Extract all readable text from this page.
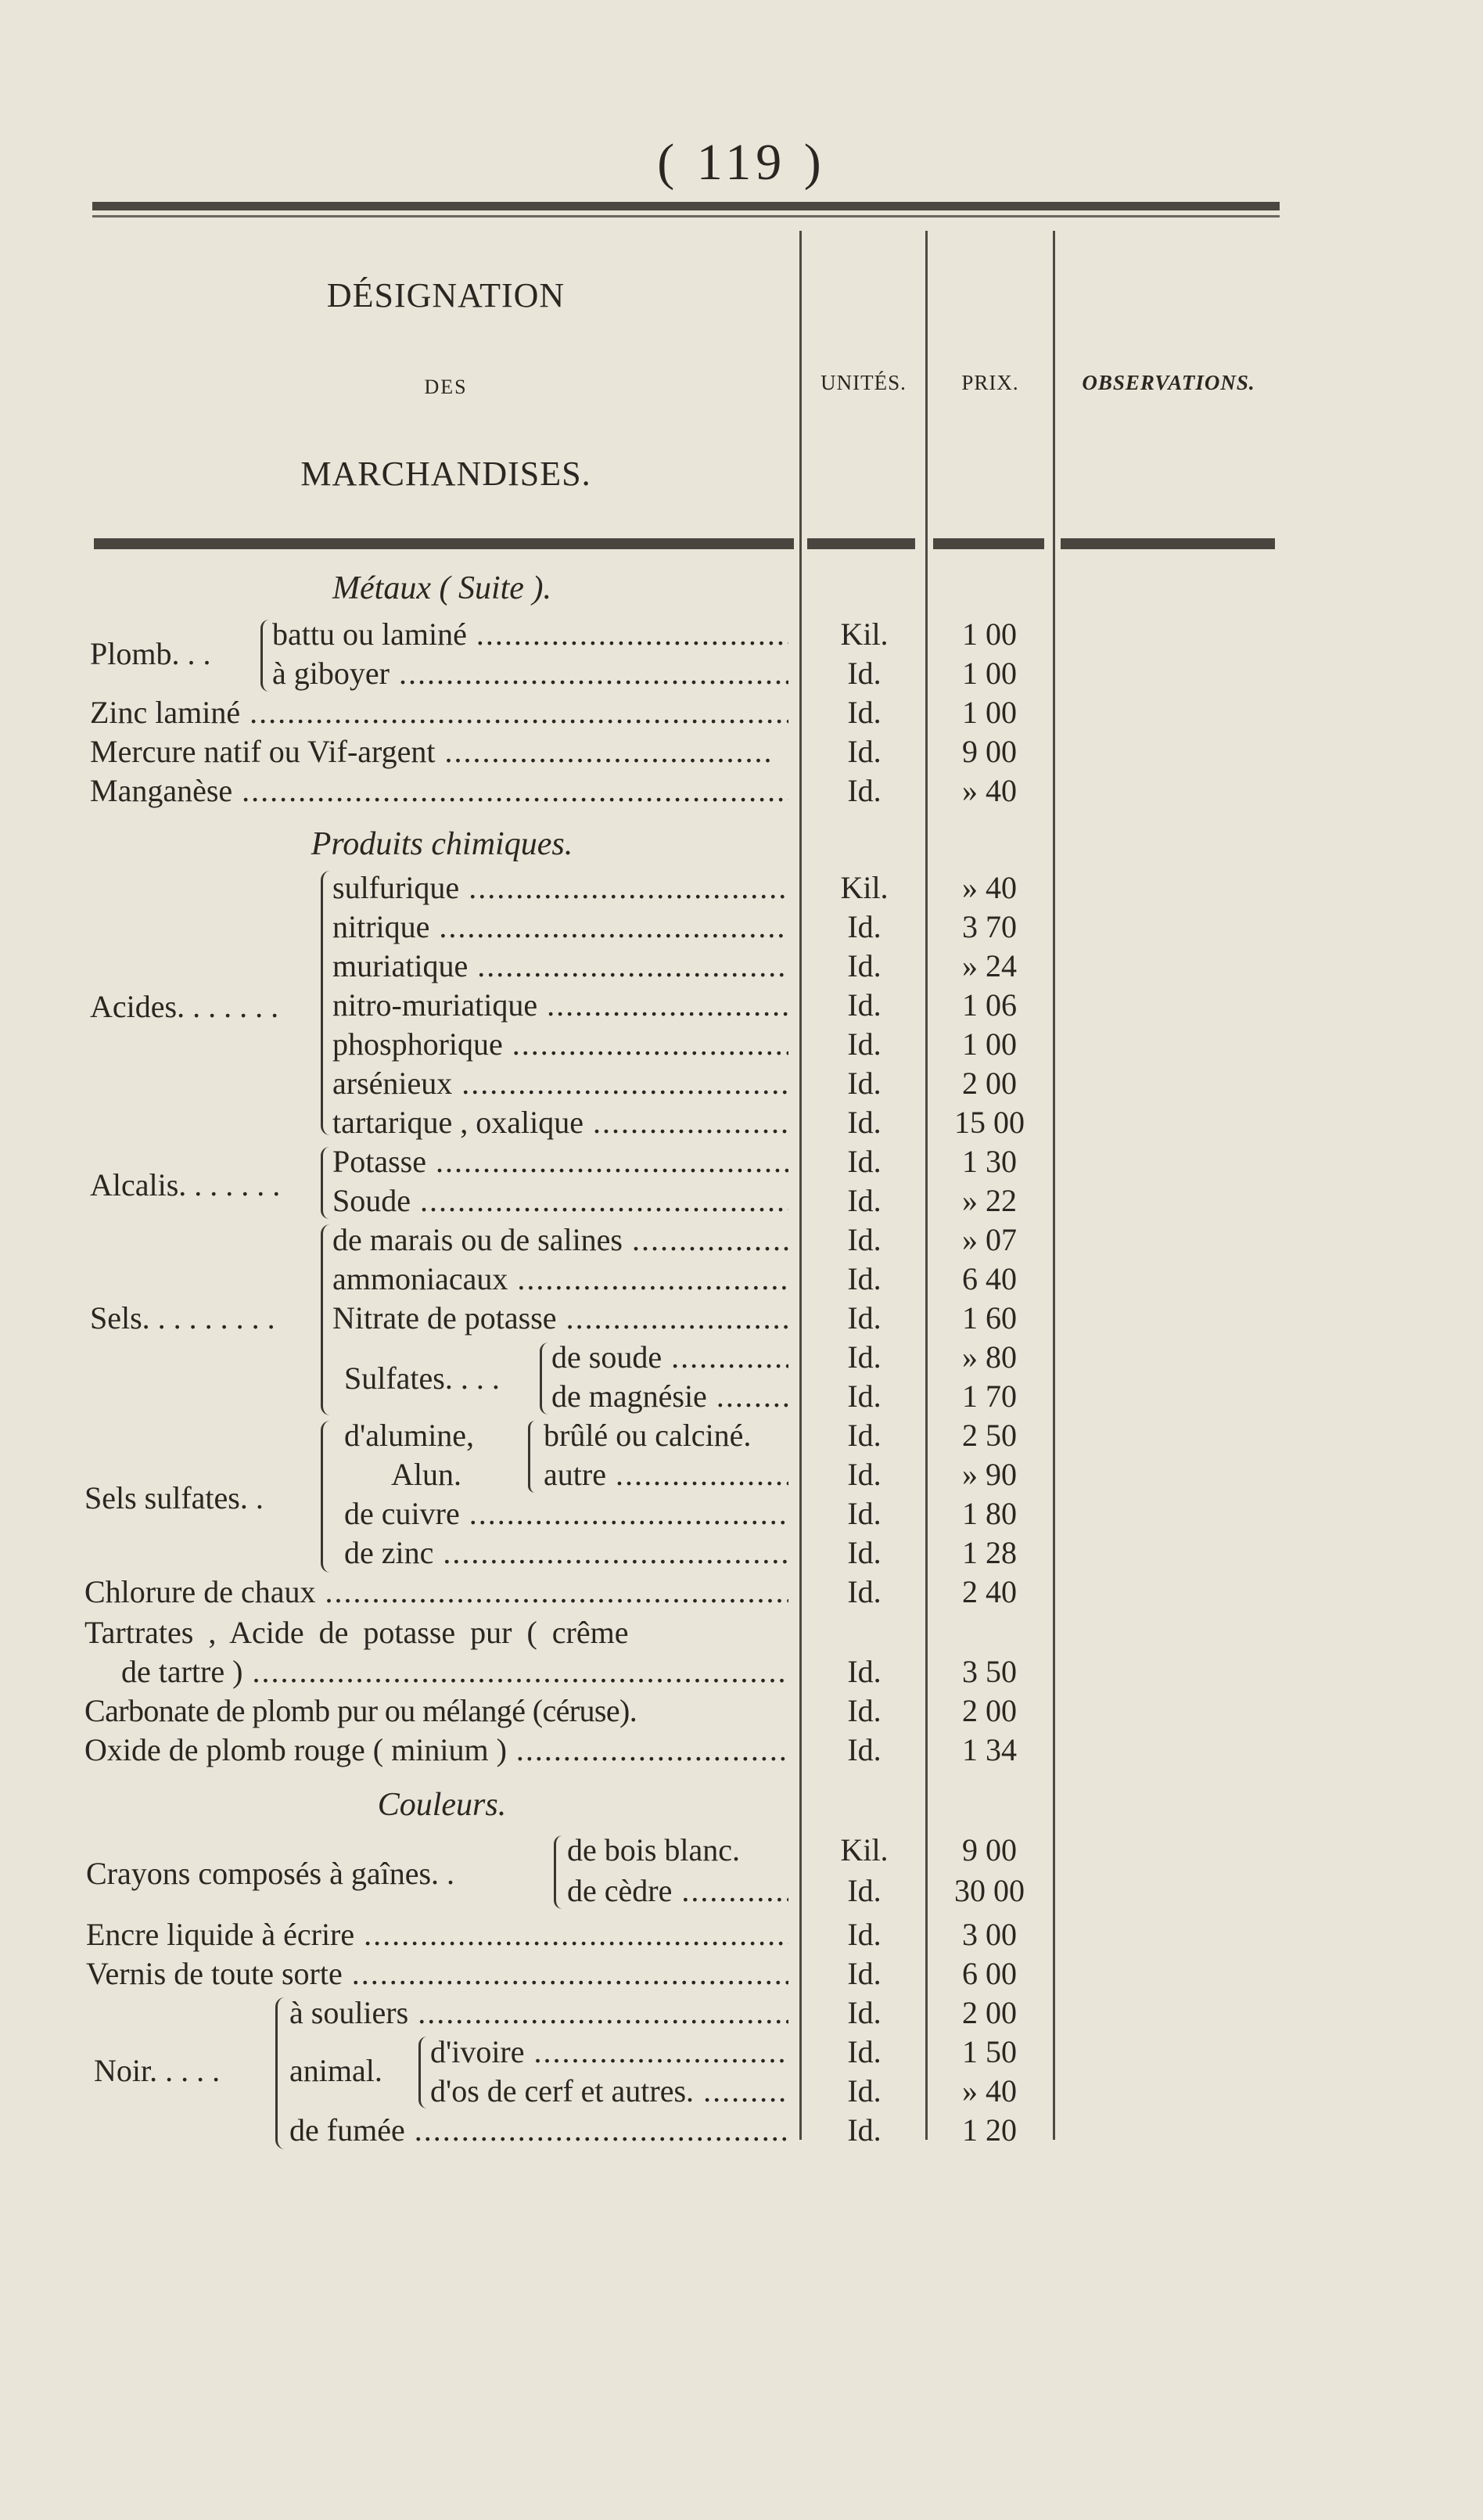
( 119 )
DÉSIGNATION
DES
MARCHANDISES.
UNITÉS.	PRIX.	OBSERVATIONS.
Métaux ( Suite ).
Plomb. . .
battu ou laminé .....	Kil.	1 00
à giboyer .....	Id.	1 00
Zinc laminé .....	Id.	1 00
Mercure natif ou Vif-argent .....	Id.	9 00
Manganèse .....	Id.	» 40
Produits chimiques.
Acides. . . . . . .
sulfurique .....	Kil.	» 40
nitrique .....	Id.	3 70
muriatique .....	Id.	» 24
nitro-muriatique .....	Id.	1 06
phosphorique .....	Id.	1 00
arsénieux .....	Id.	2 00
tartarique , oxalique .....	Id.	15 00
Alcalis. . . . . . .
Potasse .....	Id.	1 30
Soude .....	Id.	» 22
Sels. . . . . . . . .
de marais ou de salines .....	Id.	» 07
ammoniacaux .....	Id.	6 40
Nitrate de potasse .....	Id.	1 60
Sulfates. . . .
de soude .....	Id.	» 80
de magnésie .....	Id.	1 70
Sels sulfates. .
d'alumine,	brûlé ou calciné.	Id.	2 50
Alun.	autre .....	Id.	» 90
de cuivre .....	Id.	1 80
de zinc .....	Id.	1 28
Chlorure de chaux .....	Id.	2 40
Tartrates , Acide de potasse pur ( crême
de tartre ) .....	Id.	3 50
Carbonate de plomb pur ou mélangé (céruse).	Id.	2 00
Oxide de plomb rouge ( minium ) .....	Id.	1 34
Couleurs.
Crayons composés à gaînes. .
de bois blanc.	Kil.	9 00
de cèdre .....	Id.	30 00
Encre liquide à écrire .....	Id.	3 00
Vernis de toute sorte .....	Id.	6 00
Noir. . . . .
à souliers .....	Id.	2 00
animal.
d'ivoire .....	Id.	1 50
d'os de cerf et autres. .....	Id.	» 40
de fumée .....	Id.	1 20
